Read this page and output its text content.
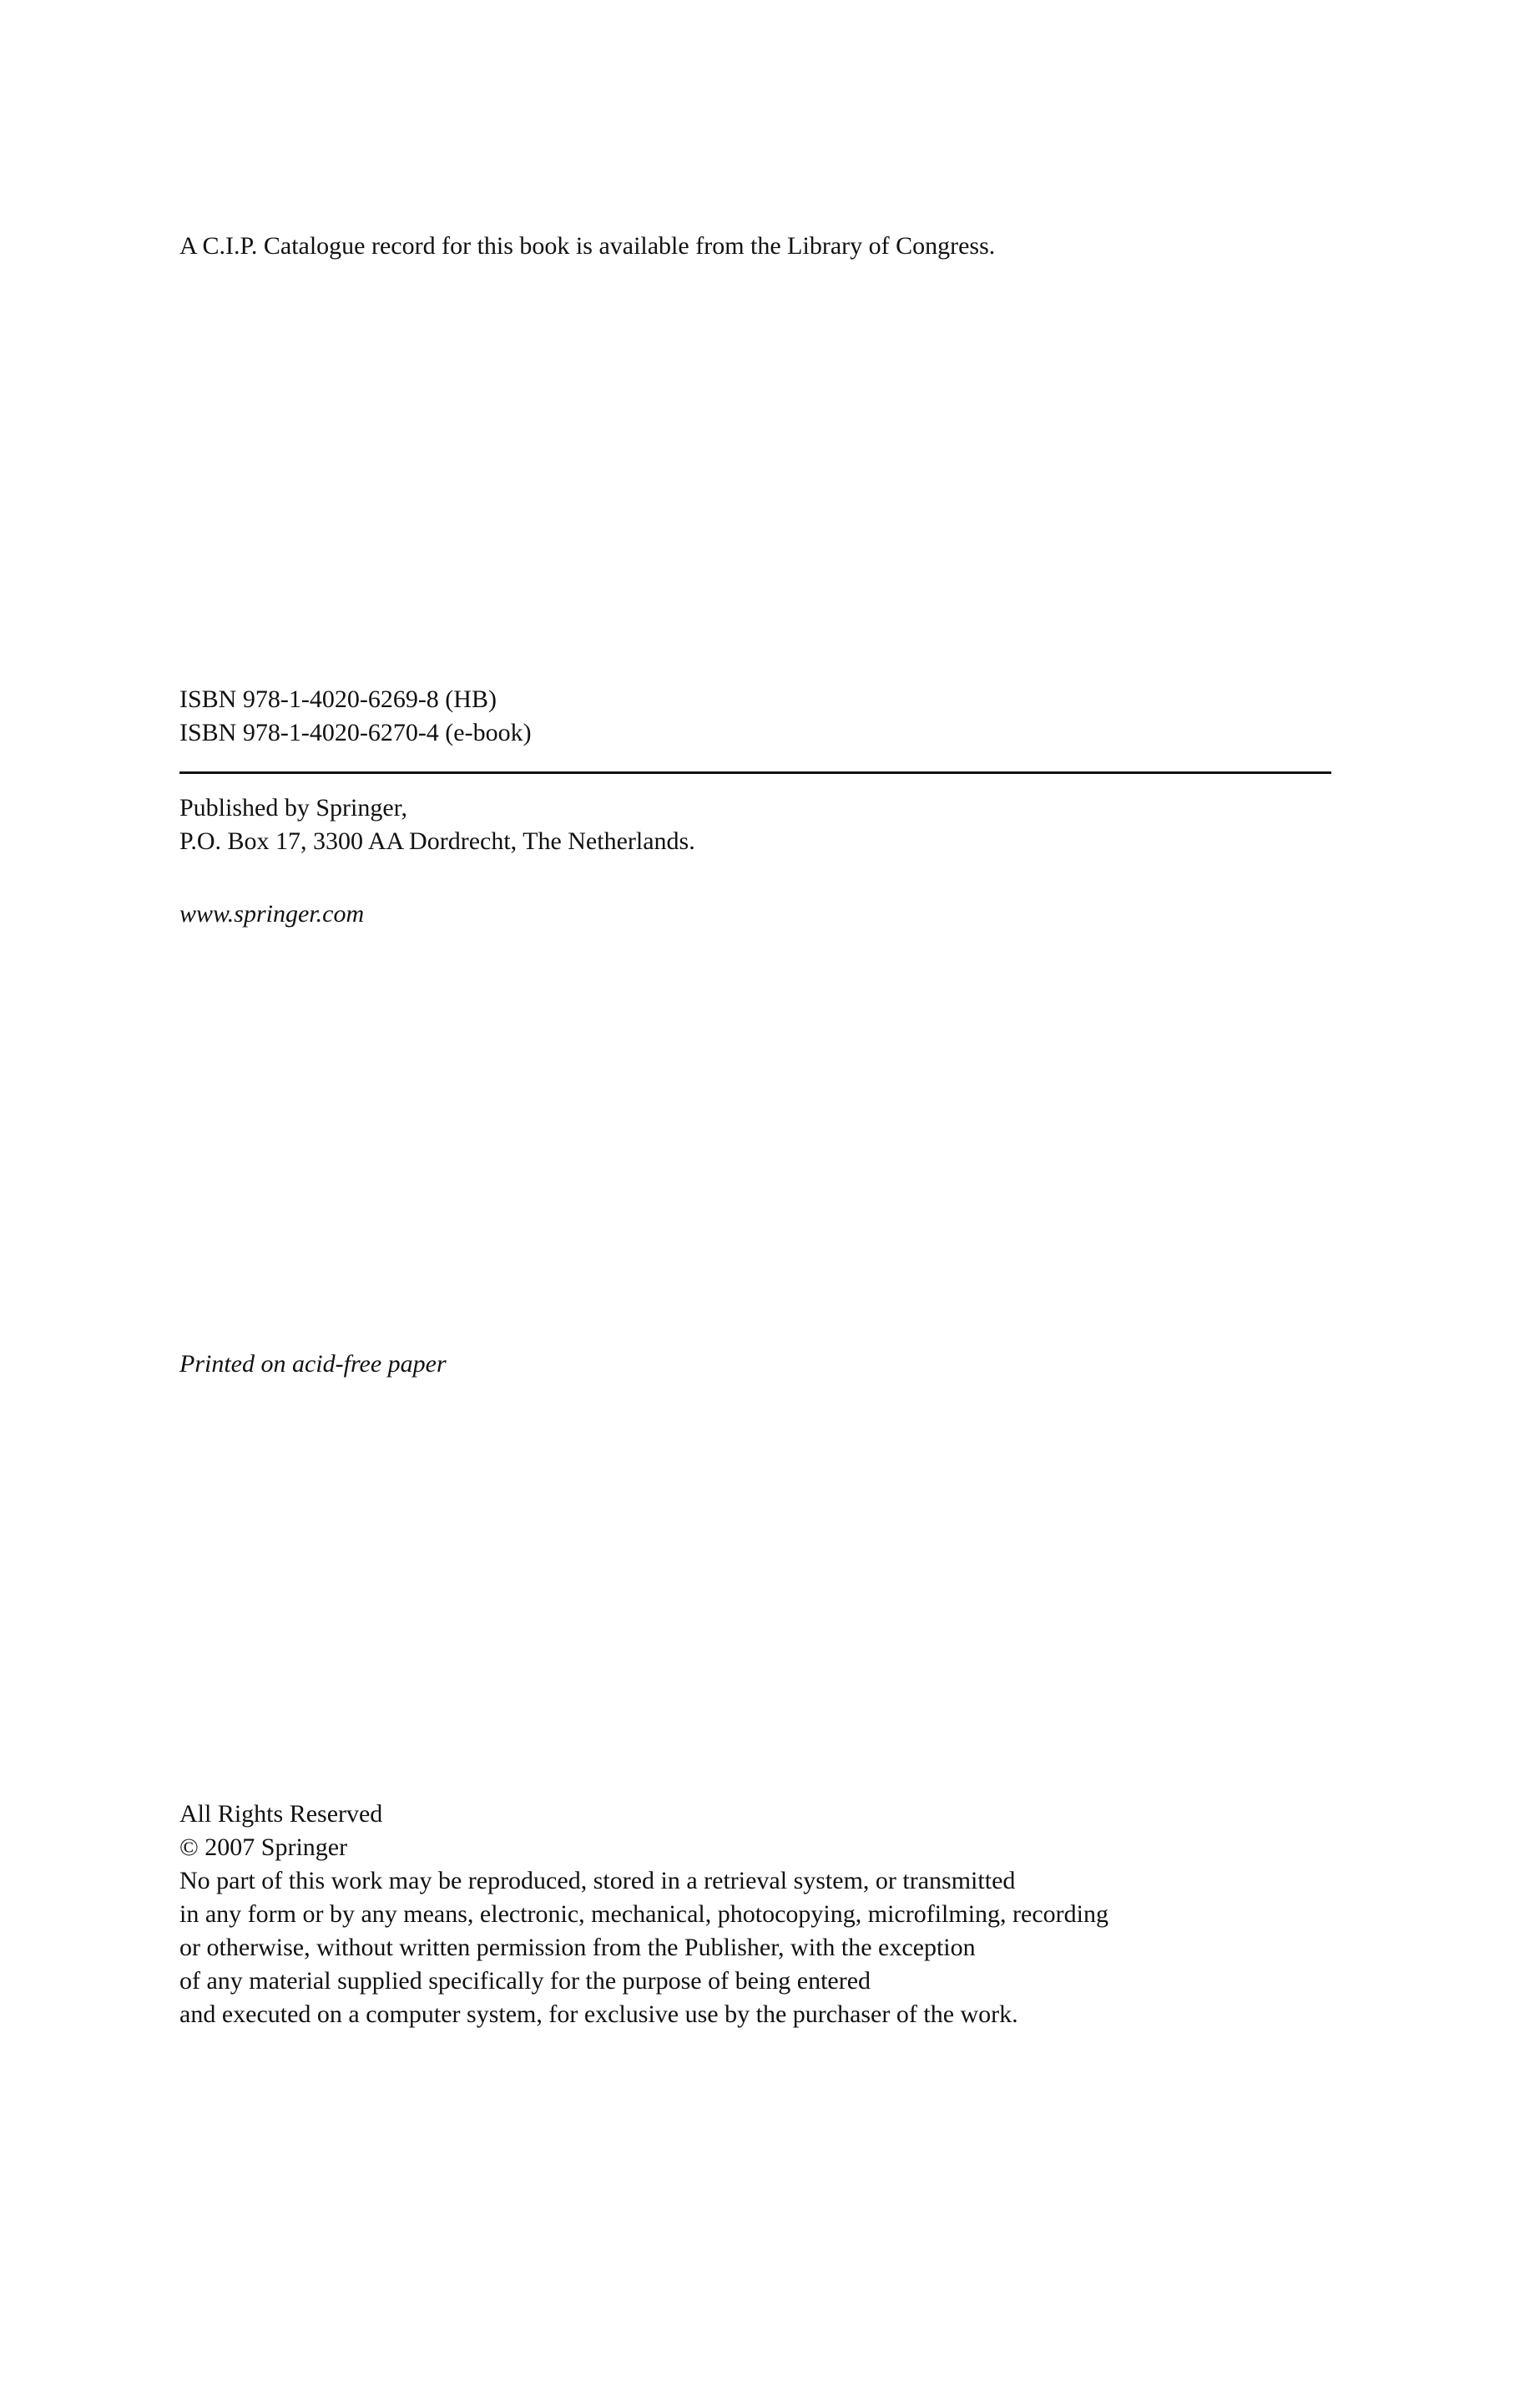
A C.I.P. Catalogue record for this book is available from the Library of Congress.
ISBN 978-1-4020-6269-8 (HB)
ISBN 978-1-4020-6270-4 (e-book)
Published by Springer,
P.O. Box 17, 3300 AA Dordrecht, The Netherlands.
www.springer.com
Printed on acid-free paper
All Rights Reserved
© 2007 Springer
No part of this work may be reproduced, stored in a retrieval system, or transmitted
in any form or by any means, electronic, mechanical, photocopying, microfilming, recording
or otherwise, without written permission from the Publisher, with the exception
of any material supplied specifically for the purpose of being entered
and executed on a computer system, for exclusive use by the purchaser of the work.
